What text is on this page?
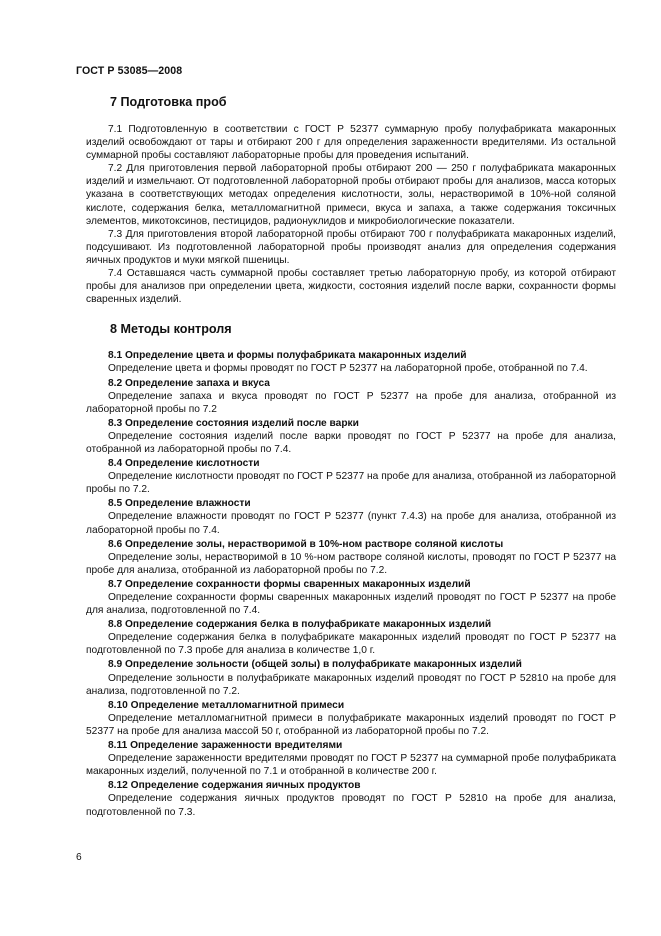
ГОСТ Р 53085—2008
7 Подготовка проб

7.1 Подготовленную в соответствии с ГОСТ Р 52377 суммарную пробу полуфабриката макаронных изделий освобождают от тары и отбирают 200 г для определения зараженности вредителями. Из остальной суммарной пробы составляют лабораторные пробы для проведения испытаний.

7.2 Для приготовления первой лабораторной пробы отбирают 200 — 250 г полуфабриката макаронных изделий и измельчают. От подготовленной лабораторной пробы отбирают пробы для анализов, масса которых указана в соответствующих методах определения кислотности, золы, нерастворимой в 10%-ной соляной кислоте, содержания белка, металломагнитной примеси, вкуса и запаха, а также содержания токсичных элементов, микотоксинов, пестицидов, радионуклидов и микробиологические показатели.

7.3 Для приготовления второй лабораторной пробы отбирают 700 г полуфабриката макаронных изделий, подсушивают. Из подготовленной лабораторной пробы производят анализ для определения содержания яичных продуктов и муки мягкой пшеницы.

7.4 Оставшаяся часть суммарной пробы составляет третью лабораторную пробу, из которой отбирают пробы для анализов при определении цвета, жидкости, состояния изделий после варки, сохранности формы сваренных изделий.

8 Методы контроля
8.1 Определение цвета и формы полуфабриката макаронных изделий

Определение цвета и формы проводят по ГОСТ Р 52377 на лабораторной пробе, отобранной по 7.4.

8.2 Определение запаха и вкуса

Определение запаха и вкуса проводят по ГОСТ Р 52377 на пробе для анализа, отобранной из лабораторной пробы по 7.2

8.3 Определение состояния изделий после варки

Определение состояния изделий после варки проводят по ГОСТ Р 52377 на пробе для анализа, отобранной из лабораторной пробы по 7.4.

8.4 Определение кислотности

Определение кислотности проводят по ГОСТ Р 52377 на пробе для анализа, отобранной из лабораторной пробы по 7.2.

8.5 Определение влажности

Определение влажности проводят по ГОСТ Р 52377 (пункт 7.4.3) на пробе для анализа, отобранной из лабораторной пробы по 7.4.

8.6 Определение золы, нерастворимой в 10%-ном растворе соляной кислоты

Определение золы, нерастворимой в 10 %-ном растворе соляной кислоты, проводят по ГОСТ Р 52377 на пробе для анализа, отобранной из лабораторной пробы по 7.2.

8.7 Определение сохранности формы сваренных макаронных изделий

Определение сохранности формы сваренных макаронных изделий проводят по ГОСТ Р 52377 на пробе для анализа, подготовленной по 7.4.

8.8 Определение содержания белка в полуфабрикате макаронных изделий

Определение содержания белка в полуфабрикате макаронных изделий проводят по ГОСТ Р 52377 на подготовленной по 7.3 пробе для анализа в количестве 1,0 г.

8.9 Определение зольности (общей золы) в полуфабрикате макаронных изделий

Определение зольности в полуфабрикате макаронных изделий проводят по ГОСТ Р 52810 на пробе для анализа, подготовленной по 7.2.

8.10 Определение металломагнитной примеси

Определение металломагнитной примеси в полуфабрикате макаронных изделий проводят по ГОСТ Р 52377 на пробе для анализа массой 50 г, отобранной из лабораторной пробы по 7.2.

8.11 Определение зараженности вредителями

Определение зараженности вредителями проводят по ГОСТ Р 52377 на суммарной пробе полуфабриката макаронных изделий, полученной по 7.1 и отобранной в количестве 200 г.

8.12 Определение содержания яичных продуктов

Определение содержания яичных продуктов проводят по ГОСТ Р 52810 на пробе для анализа, подготовленной по 7.3.

6
